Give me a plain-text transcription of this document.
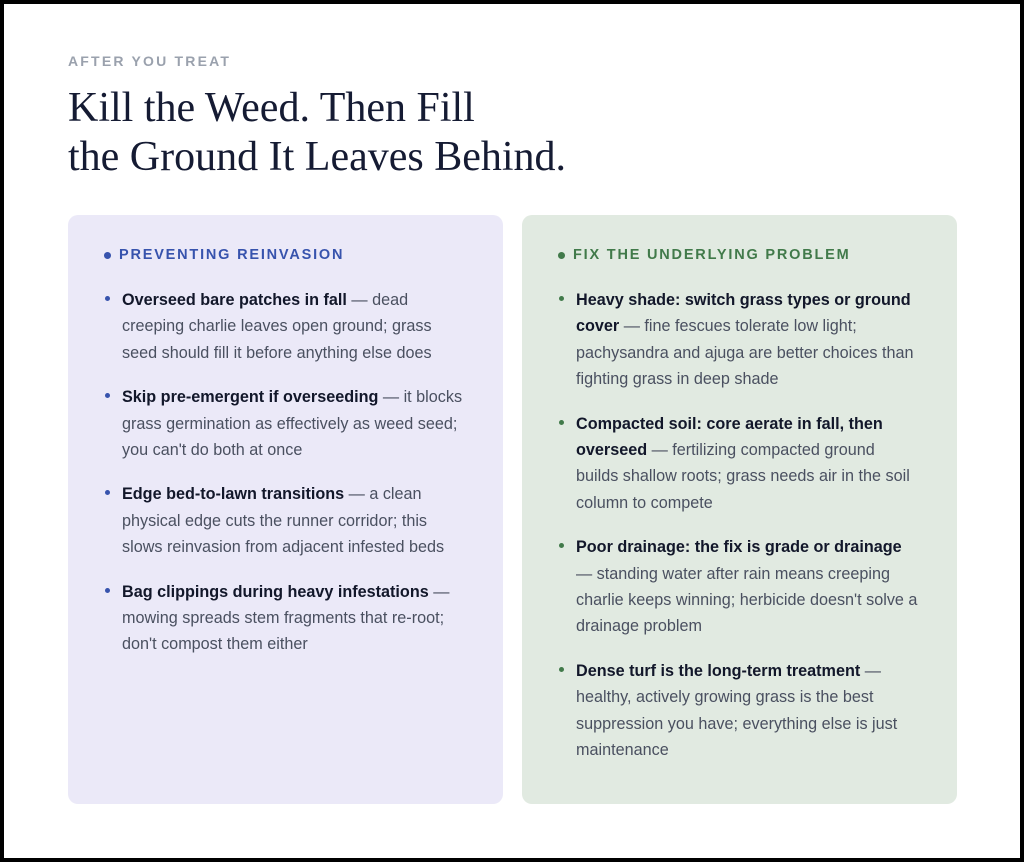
AFTER YOU TREAT
Kill the Weed. Then Fill
the Ground It Leaves Behind.
PREVENTING REINVASION
Overseed bare patches in fall — dead creeping charlie leaves open ground; grass seed should fill it before anything else does
Skip pre-emergent if overseeding — it blocks grass germination as effectively as weed seed; you can't do both at once
Edge bed-to-lawn transitions — a clean physical edge cuts the runner corridor; this slows reinvasion from adjacent infested beds
Bag clippings during heavy infestations — mowing spreads stem fragments that re-root; don't compost them either
FIX THE UNDERLYING PROBLEM
Heavy shade: switch grass types or ground cover — fine fescues tolerate low light; pachysandra and ajuga are better choices than fighting grass in deep shade
Compacted soil: core aerate in fall, then overseed — fertilizing compacted ground builds shallow roots; grass needs air in the soil column to compete
Poor drainage: the fix is grade or drainage — standing water after rain means creeping charlie keeps winning; herbicide doesn't solve a drainage problem
Dense turf is the long-term treatment — healthy, actively growing grass is the best suppression you have; everything else is just maintenance
